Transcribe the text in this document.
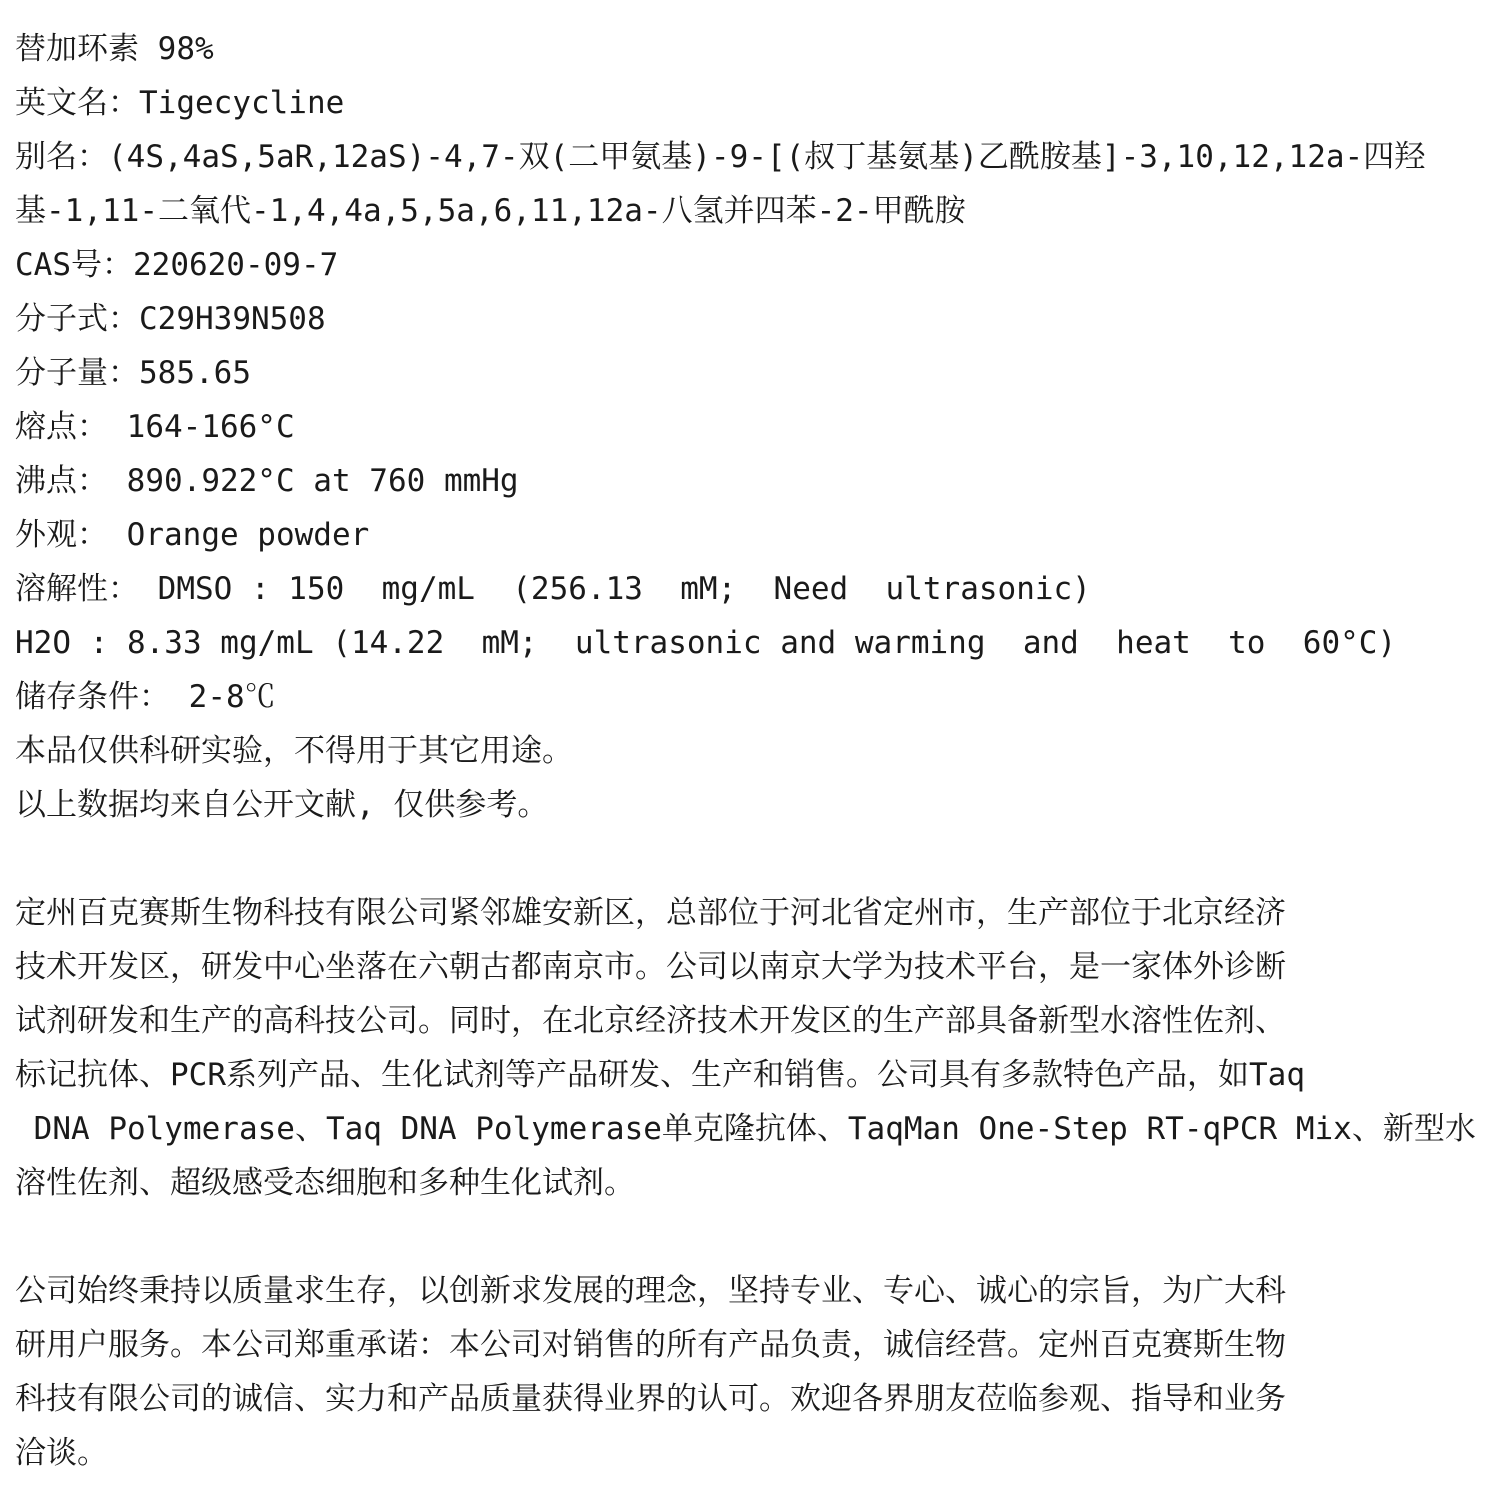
替加环素 98%
英文名：Tigecycline
别名：(4S,4aS,5aR,12aS)-4,7-双(二甲氨基)-9-[(叔丁基氨基)乙酰胺基]-3,10,12,12a-四羟
基-1,11-二氧代-1,4,4a,5,5a,6,11,12a-八氢并四苯-2-甲酰胺
CAS号：220620-09-7
分子式：C29H39N508
分子量：585.65
熔点： 164-166°C
沸点： 890.922°C at 760 mmHg
外观： Orange powder
溶解性： DMSO : 150  mg/mL  (256.13  mM;  Need  ultrasonic)
H2O : 8.33 mg/mL (14.22  mM;  ultrasonic and warming  and  heat  to  60°C)
储存条件： 2-8℃
本品仅供科研实验，不得用于其它用途。
以上数据均来自公开文献, 仅供参考。
定州百克赛斯生物科技有限公司紧邻雄安新区，总部位于河北省定州市，生产部位于北京经济
技术开发区，研发中心坐落在六朝古都南京市。公司以南京大学为技术平台，是一家体外诊断
试剂研发和生产的高科技公司。同时，在北京经济技术开发区的生产部具备新型水溶性佐剂、
标记抗体、PCR系列产品、生化试剂等产品研发、生产和销售。公司具有多款特色产品，如Taq
DNA Polymerase、Taq DNA Polymerase单克隆抗体、TaqMan One-Step RT-qPCR Mix、新型水
溶性佐剂、超级感受态细胞和多种生化试剂。
公司始终秉持以质量求生存，以创新求发展的理念，坚持专业、专心、诚心的宗旨，为广大科
研用户服务。本公司郑重承诺：本公司对销售的所有产品负责，诚信经营。定州百克赛斯生物
科技有限公司的诚信、实力和产品质量获得业界的认可。欢迎各界朋友莅临参观、指导和业务
洽谈。
